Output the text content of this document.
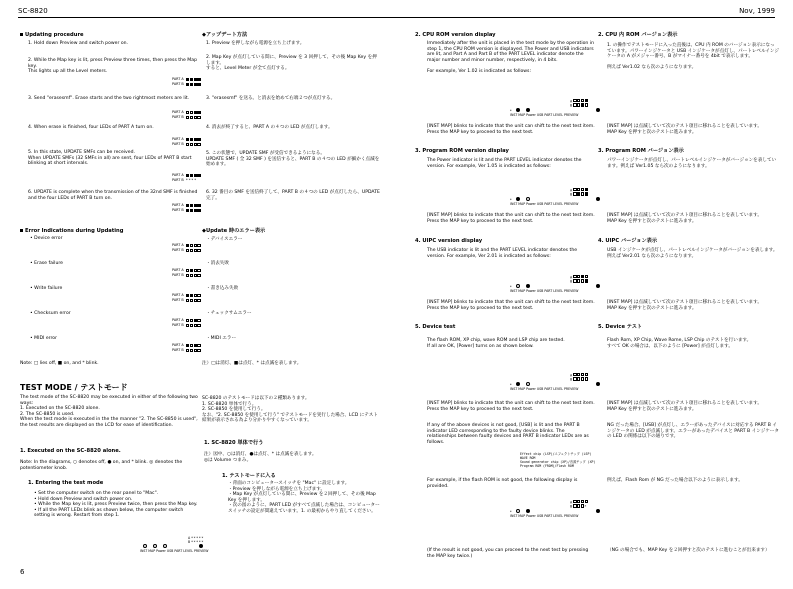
SC-8820	Nov, 1999
Updating procedure
1. Hold down Preview and switch power on.
2. While the Map key is lit, press Preview three times, then press the Map key.
This lights up all the Level meters.
3. Send "erasesmf". Erase starts and the two rightmost meters are lit.
4. When erase is finished, four LEDs of PART A turn on.
5. In this state, UPDATE SMFs can be received.
When UPDATE SMFs (32 SMFs in all) are sent, four LEDs of PART B start blinking at short intervals.
6. UPDATE is complete when the transmission of the 32nd SMF is finished and the four LEDs of PART B turn on.
Error Indications during Updating
• Device error
• Erase failure
• Write failure
• Checksum error
• MIDI error
Note: □ lies off, ■ on, and * blink.
TEST MODE / テストモード
The test mode of the SC-8820 may be executed in either of the following two ways:
1. Executed on the SC-8820 alone.
2. The SC-8850 is used.
When the test mode is executed in the the manner "2. The SC-8850 is used", the test results are displayed on the LCD for ease of identification.
1. Executed on the SC-8820 alone.
Note: In the diagrams, ○ denotes off, ● on, and * blink. ◎ denotes the potentiometer knob.
1. Entering the test mode
• Set the computer switch on the rear panel to "Mac".
• Hold down Preview and switch power on.
• While the Map key is lit, press Preview twice, then press the Map key.
• If all the PART LEDs blink as shown below, the computer switch setting is wrong. Restart from step 1.
6
◆アップデート方法
1. Preview を押しながら電源を立ち上げます。
2. Map Key が点灯している間に、Preview を 3 回押して、その後 Map Key を押します。
すると、Level Meter が全て点灯する。
3. "erasesmf" を送る。と消去を始めて右端２つが点灯する。
4. 消去が終了すると、PART A の４つの LED が点灯します。
5. この状態で、UPDATE SMF が受信できるようになる。
UPDATE SMF ( 全 32 SMF ) を送信すると、PART B の４つの LED が細かく点滅を始めます。
6. 32 番目の SMF を送信終了して、PART B の４つの LED が点灯したら、UPDATE 完了。
◆Update 時のエラー表示
・デバイスエラー
・消去失敗
・書き込み失敗
・チェックサムエラー
・MIDI エラー
注）□は消灯、■は点灯、* は点滅を表します。
SC-8820 のテストモードは以下の２種類あります。
1. SC-8820 単体で行う。
2. SC-8850 を使用して行う。
なお、"2. SC-8850 を使用して行う" でテストモードを実行した場合、LCD にテスト結果が表示される為より分かりやすくなっています。
1. SC-8820 単体で行う
注）図中、○は消灯、●は点灯、* は点滅を表します。
◎は Volume つまみ。
1. テストモードに入る
・背面のコンピュータースイッチを "Mac" に設定します。
・Preview を押しながら電源を立ち上げます。
・Map Key が点灯している間に、Preview を２回押して、その後 Map Key を押します。
・次の図のように、PART LED がすべて点滅した場合は、コンピュータースイッチの設定が間違えています。1. の最初からやり直してください。
PART A
PART B
PART A
PART B
PART A
PART B
PART A
PART B * * * *
PART A
PART B
PART A
PART B
PART A
PART B
PART A
PART B
PART A
PART B
PART A
PART B
A * * * * *
B * * * * *
INST MAP Power USB PART LEVEL PREVIEW
2. CPU ROM version display
Immediately after the unit is placed in the test mode by the operation in step 1, the CPU ROM version is displayed. The Power and USB indicators are lit, and Part A and Part B of the PART LEVEL indicator denote the major number and minor number, respectively, in 4 bits.

For example, Ver 1.02 is indicated as follows:
[INST MAP] blinks to indicate that the unit can shift to the next test item.
Press the MAP key to proceed to the next test.
3. Program ROM version display
The Power indicator is lit and the PART LEVEL indicator denotes the version. For example, Ver 1.05 is indicated as follows:
[INST MAP] blinks to indicate that the unit can shift to the next test item.
Press the MAP key to proceed to the next test.
4. UIPC version display
The USB indicator is lit and the PART LEVEL indicator denotes the version. For example, Ver 2.01 is indicated as follows:
[INST MAP] blinks to indicate that the unit can shift to the next test item.
Press the MAP key to proceed to the next test.
5. Device test
The flash ROM, XP chip, wave ROM and LSP chip are tested.
If all are OK, [Power] turns on as shown below.
[INST MAP] blinks to indicate that the unit can shift to the next test item.
Press the MAP key to proceed to the next test.
If any of the above devices is not good, [USB] is lit and the PART B indicator LED corresponding to the faulty device blinks. The relationships between faulty devices and PART B indicator LEDs are as follows.
Effect chip (LSP)/エフェクトチップ (LSP)
WAVE ROM
Sound generator chip (XP)/音源チップ (XP)
Program ROM (FROM)/Flash ROM
For example, if the flash ROM is not good, the following display is provided.
(If the result is not good, you can proceed to the next test by pressing the MAP key twice.)
2. CPU 内 ROM バージョン表示
1. の操作でテストモードに入った直後は、CPU 内 ROM のバージョン表示になっています。パワーインジケータと USB インジケータが点灯し、パートレベルインジケータの A がメジャー番号、B がマイナー番号を 4bit で表示します。

例えば Ver1.02 なら次のようになります。
[INST MAP] は点滅していて次のテスト項目に移れることを表しています。
MAP Key を押すと次のテストに進みます。
3. Program ROM バージョン表示
パワーインジケータが点灯し、パートレベルインジケータがバージョンを表しています。例えば Ver1.05 なら次のようになります。
[INST MAP] は点滅していて次のテスト項目に移れることを表しています。
MAP Key を押すと次のテストに進みます。
4. UIPC バージョン表示
USB インジケータが点灯し、パートレベルインジケータがバージョンを表します。例えば Ver2.01 なら次のようになります。
[INST MAP] は点滅していて次のテスト項目に移れることを表しています。
MAP Key を押すと次のテストに進みます。
5. Device テスト
Flash Rom, XP Chip, Wave Rome, LSP Chip のテストを行います。
すべて OK の場合は、以下のように [Power] が点灯します。
[INST MAP] は点滅していて次のテスト項目に移れることを表しています。
MAP Key を押すと次のテストに進みます。
NG だった場合、[USB] が点灯し、エラーがあったデバイスに対応する PART B インジケータの LED が点滅します。エラーがあったデバイスと PART B インジケータの LED の関係は以下の通りです。
例えば、Flash Rom が NG だった場合以下のように表示します。
（NG の場合でも、MAP Key を２回押すと次のテストに進むことが出来ます）
A
B
*
INST MAP Power USB PART LEVEL PREVIEW
A
B
*
INST MAP Power USB PART LEVEL PREVIEW
A
B
*
INST MAP Power USB PART LEVEL PREVIEW
A
B
*
INST MAP Power USB PART LEVEL PREVIEW
A
B	*
*
INST MAP Power USB PART LEVEL PREVIEW
